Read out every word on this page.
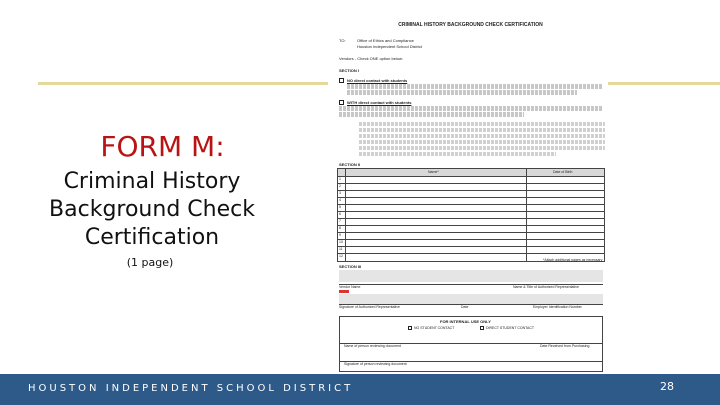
FORM M:
Criminal History
Background Check
Certification
(1 page)
CRIMINAL HISTORY BACKGROUND CHECK CERTIFICATION
TO:	Office of Ethics and Compliance
Houston Independent School District
Vendors - Check ONE option below:
SECTION I
NO direct contact with students
WITH direct contact with students
SECTION II
Name*	Date of Birth
1
2
3
4
5
6
7
8
9
10
11
12
*Attach additional pages as necessary
SECTION III
Vendor Name	Name & Title of Authorized Representative
Signature of Authorized Representative	Date	Employer Identification Number
FOR INTERNAL USE ONLY
NO STUDENT CONTACT	DIRECT STUDENT CONTACT
Name of person reviewing document	Date Received from Purchasing
Signature of person reviewing document
HOUSTON INDEPENDENT SCHOOL DISTRICT	28
